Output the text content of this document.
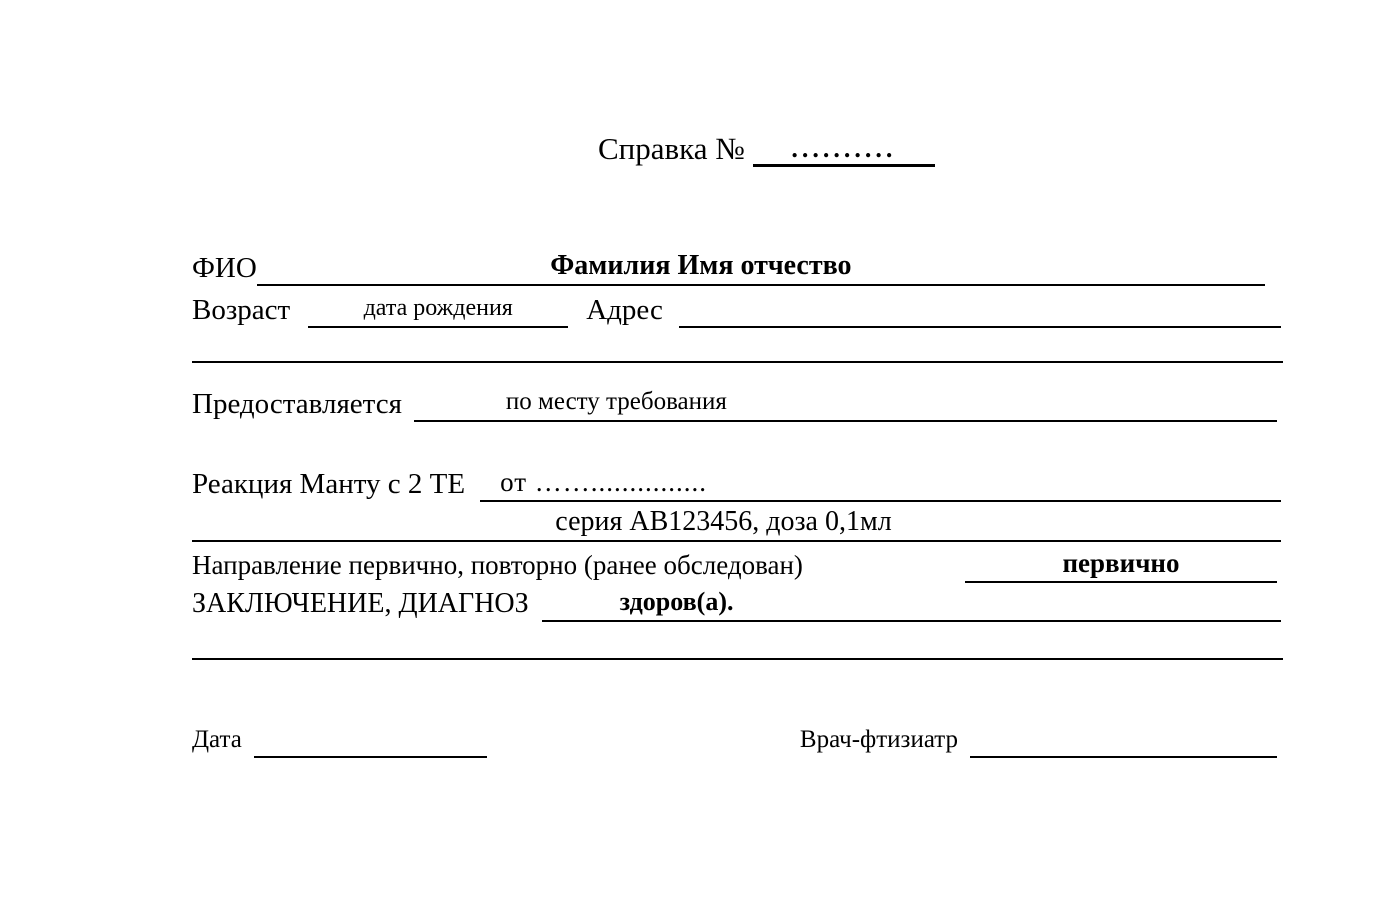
Справка №	..........
ФИО	Фамилия Имя отчество
Возраст	дата рождения	Адрес
Предоставляется	по месту требования
Реакция Манту с 2 ТЕ	от ……...............
серия АВ123456, доза 0,1мл
Направление первично, повторно (ранее обследован)	первично
ЗАКЛЮЧЕНИЕ, ДИАГНОЗ	здоров(а).
Дата	Врач-фтизиатр
